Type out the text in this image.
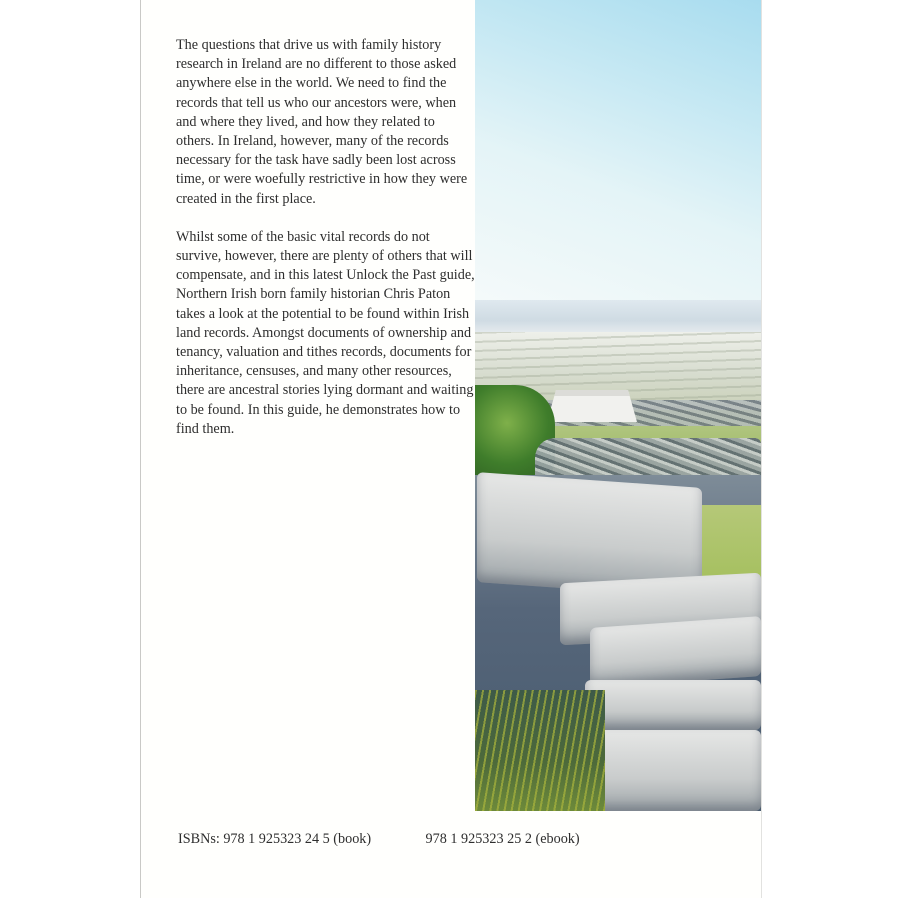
The questions that drive us with family history research in Ireland are no different to those asked anywhere else in the world. We need to find the records that tell us who our ancestors were, when and where they lived, and how they related to others. In Ireland, however, many of the records necessary for the task have sadly been lost across time, or were woefully restrictive in how they were created in the first place.

Whilst some of the basic vital records do not survive, however, there are plenty of others that will compensate, and in this latest Unlock the Past guide, Northern Irish born family historian Chris Paton takes a look at the potential to be found within Irish land records. Amongst documents of ownership and tenancy, valuation and tithes records, documents for inheritance, censuses, and many other resources, there are ancestral stories lying dormant and waiting to be found. In this guide, he demonstrates how to find them.

ISBNs: 978 1 925323 24 5 (book)	978 1 925323 25 2 (ebook)
